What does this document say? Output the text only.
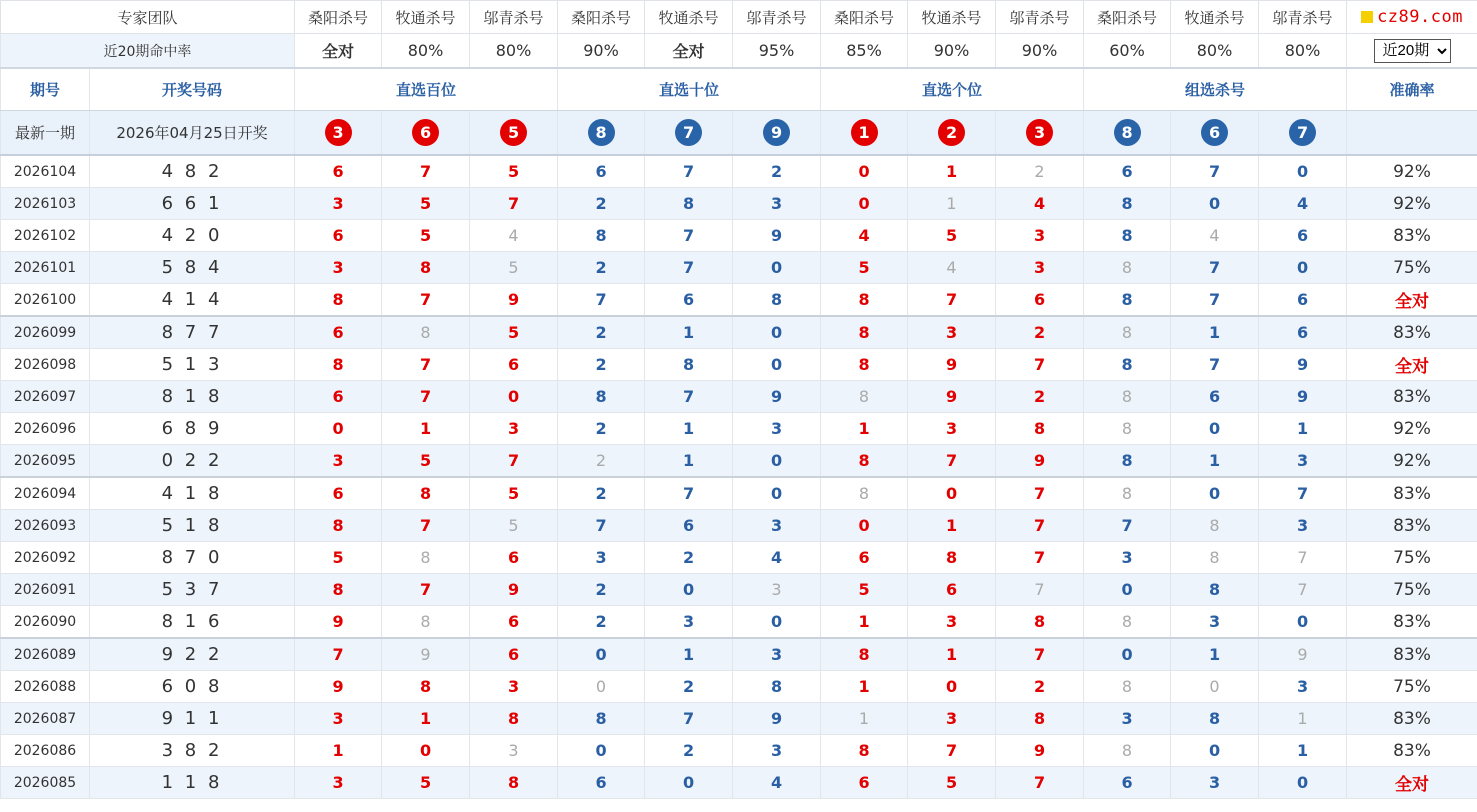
专家团队		桑阳杀号	牧通杀号	邬青杀号	桑阳杀号	牧通杀号	邬青杀号	桑阳杀号	牧通杀号	邬青杀号	桑阳杀号	牧通杀号	邬青杀号	cz89.com

近20期命中率		全对	80%	80%	90%	全对	95%	85%	90%	90%	60%	80%	80%	
近20期
期号	开奖号码	直选百位			直选十位			直选个位			组选杀号			准确率
最新一期	2026年04月25日开奖	3	6	5	8	7	9	1	2	3	8	6	7	
2026104	4 8 2	6	7	5	6	7	2	0	1	2	6	7	0	92%
2026103	6 6 1	3	5	7	2	8	3	0	1	4	8	0	4	92%
2026102	4 2 0	6	5	4	8	7	9	4	5	3	8	4	6	83%
2026101	5 8 4	3	8	5	2	7	0	5	4	3	8	7	0	75%
2026100	4 1 4	8	7	9	7	6	8	8	7	6	8	7	6	全对
2026099	8 7 7	6	8	5	2	1	0	8	3	2	8	1	6	83%
2026098	5 1 3	8	7	6	2	8	0	8	9	7	8	7	9	全对
2026097	8 1 8	6	7	0	8	7	9	8	9	2	8	6	9	83%
2026096	6 8 9	0	1	3	2	1	3	1	3	8	8	0	1	92%
2026095	0 2 2	3	5	7	2	1	0	8	7	9	8	1	3	92%
2026094	4 1 8	6	8	5	2	7	0	8	0	7	8	0	7	83%
2026093	5 1 8	8	7	5	7	6	3	0	1	7	7	8	3	83%
2026092	8 7 0	5	8	6	3	2	4	6	8	7	3	8	7	75%
2026091	5 3 7	8	7	9	2	0	3	5	6	7	0	8	7	75%
2026090	8 1 6	9	8	6	2	3	0	1	3	8	8	3	0	83%
2026089	9 2 2	7	9	6	0	1	3	8	1	7	0	1	9	83%
2026088	6 0 8	9	8	3	0	2	8	1	0	2	8	0	3	75%
2026087	9 1 1	3	1	8	8	7	9	1	3	8	3	8	1	83%
2026086	3 8 2	1	0	3	0	2	3	8	7	9	8	0	1	83%
2026085	1 1 8	3	5	8	6	0	4	6	5	7	6	3	0	全对
